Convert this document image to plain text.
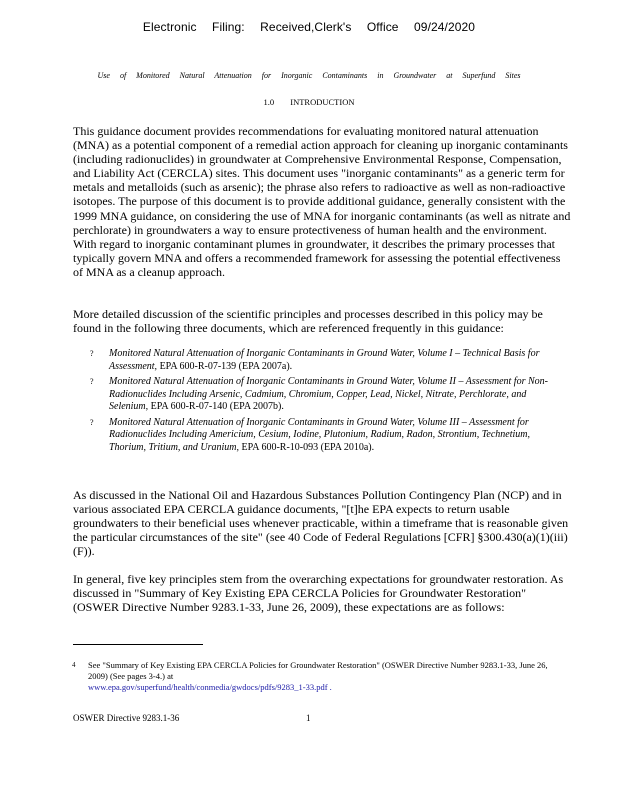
Electronic Filing: Received,Clerk's Office 09/24/2020
Use of Monitored Natural Attenuation for Inorganic Contaminants in Groundwater at Superfund Sites
1.0 INTRODUCTION
This guidance document provides recommendations for evaluating monitored natural attenuation (MNA) as a potential component of a remedial action approach for cleaning up inorganic contaminants (including radionuclides) in groundwater at Comprehensive Environmental Response, Compensation, and Liability Act (CERCLA) sites. This document uses "inorganic contaminants" as a generic term for metals and metalloids (such as arsenic); the phrase also refers to radioactive as well as non-radioactive isotopes. The purpose of this document is to provide additional guidance, generally consistent with the 1999 MNA guidance, on considering the use of MNA for inorganic contaminants (as well as nitrate and perchlorate) in groundwaters a way to ensure protectiveness of human health and the environment. With regard to inorganic contaminant plumes in groundwater, it describes the primary processes that typically govern MNA and offers a recommended framework for assessing the potential effectiveness of MNA as a cleanup approach.
More detailed discussion of the scientific principles and processes described in this policy may be found in the following three documents, which are referenced frequently in this guidance:
? Monitored Natural Attenuation of Inorganic Contaminants in Ground Water, Volume I – Technical Basis for Assessment, EPA 600-R-07-139 (EPA 2007a).
? Monitored Natural Attenuation of Inorganic Contaminants in Ground Water, Volume II – Assessment for Non-Radionuclides Including Arsenic, Cadmium, Chromium, Copper, Lead, Nickel, Nitrate, Perchlorate, and Selenium, EPA 600-R-07-140 (EPA 2007b).
? Monitored Natural Attenuation of Inorganic Contaminants in Ground Water, Volume III – Assessment for Radionuclides Including Americium, Cesium, Iodine, Plutonium, Radium, Radon, Strontium, Technetium, Thorium, Tritium, and Uranium, EPA 600-R-10-093 (EPA 2010a).
As discussed in the National Oil and Hazardous Substances Pollution Contingency Plan (NCP) and in various associated EPA CERCLA guidance documents, "[t]he EPA expects to return usable groundwaters to their beneficial uses whenever practicable, within a timeframe that is reasonable given the particular circumstances of the site" (see 40 Code of Federal Regulations [CFR] §300.430(a)(1)(iii)(F)).
In general, five key principles stem from the overarching expectations for groundwater restoration. As discussed in "Summary of Key Existing EPA CERCLA Policies for Groundwater Restoration" (OSWER Directive Number 9283.1-33, June 26, 2009), these expectations are as follows:
4	See "Summary of Key Existing EPA CERCLA Policies for Groundwater Restoration" (OSWER Directive Number 9283.1-33, June 26, 2009) (See pages 3-4.) at
www.epa.gov/superfund/health/conmedia/gwdocs/pdfs/9283_1-33.pdf .
OSWER Directive 9283.1-36	1
